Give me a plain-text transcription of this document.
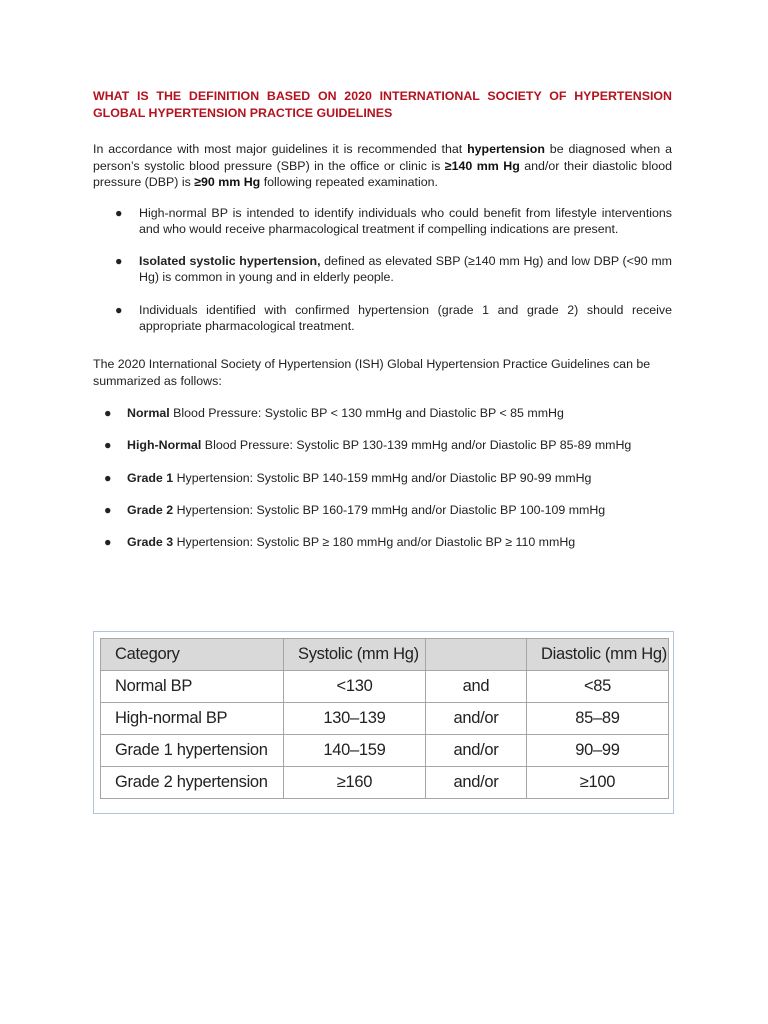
WHAT IS THE DEFINITION BASED ON 2020 INTERNATIONAL SOCIETY OF HYPERTENSION GLOBAL HYPERTENSION PRACTICE GUIDELINES

In accordance with most major guidelines it is recommended that hypertension be diagnosed when a person’s systolic blood pressure (SBP) in the office or clinic is ≥140 mm Hg and/or their diastolic blood pressure (DBP) is ≥90 mm Hg following repeated examination.

● High-normal BP is intended to identify individuals who could benefit from lifestyle interventions and who would receive pharmacological treatment if compelling indications are present.
● Isolated systolic hypertension, defined as elevated SBP (≥140 mm Hg) and low DBP (<90 mm Hg) is common in young and in elderly people.
● Individuals identified with confirmed hypertension (grade 1 and grade 2) should receive appropriate pharmacological treatment.

The 2020 International Society of Hypertension (ISH) Global Hypertension Practice Guidelines can be summarized as follows:

● Normal Blood Pressure: Systolic BP < 130 mmHg and Diastolic BP < 85 mmHg
● High-Normal Blood Pressure: Systolic BP 130-139 mmHg and/or Diastolic BP 85-89 mmHg
● Grade 1 Hypertension: Systolic BP 140-159 mmHg and/or Diastolic BP 90-99 mmHg
● Grade 2 Hypertension: Systolic BP 160-179 mmHg and/or Diastolic BP 100-109 mmHg
● Grade 3 Hypertension: Systolic BP ≥ 180 mmHg and/or Diastolic BP ≥ 110 mmHg
Category	Systolic (mm Hg)		Diastolic (mm Hg)
Normal BP	<130	and	<85
High-normal BP	130–139	and/or	85–89
Grade 1 hypertension	140–159	and/or	90–99
Grade 2 hypertension	≥160	and/or	≥100
